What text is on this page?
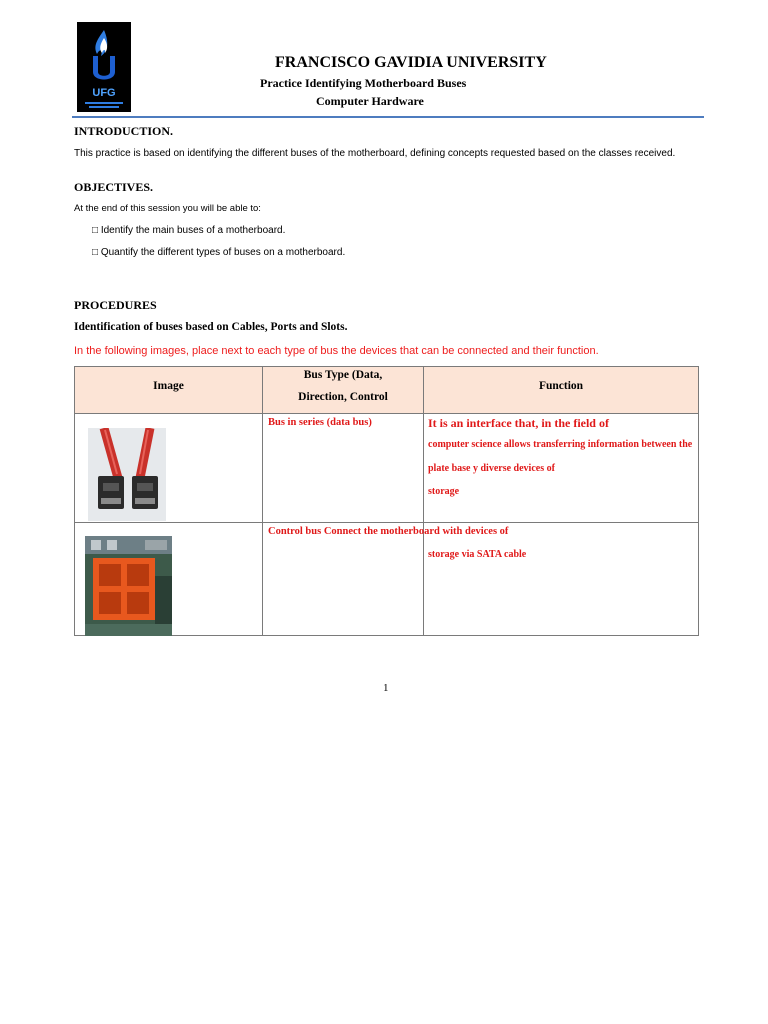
UFG
FRANCISCO GAVIDIA UNIVERSITY
Practice Identifying Motherboard Buses
Computer Hardware
INTRODUCTION.
This practice is based on identifying the different buses of the motherboard, defining concepts requested based on the classes received.
OBJECTIVES.
At the end of this session you will be able to:
□ Identify the main buses of a motherboard.
□ Quantify the different types of buses on a motherboard.
PROCEDURES
Identification of buses based on Cables, Ports and Slots.
In the following images, place next to each type of bus the devices that can be connected and their function.
Image
Bus Type (Data,
Direction, Control
Function
Bus in series (data bus)	It is an interface that, in the field of
computer science allows transferring information between the
plate base y diverse devices of
storage
Control bus Connect the motherboard with devices of
storage via SATA cable
1
